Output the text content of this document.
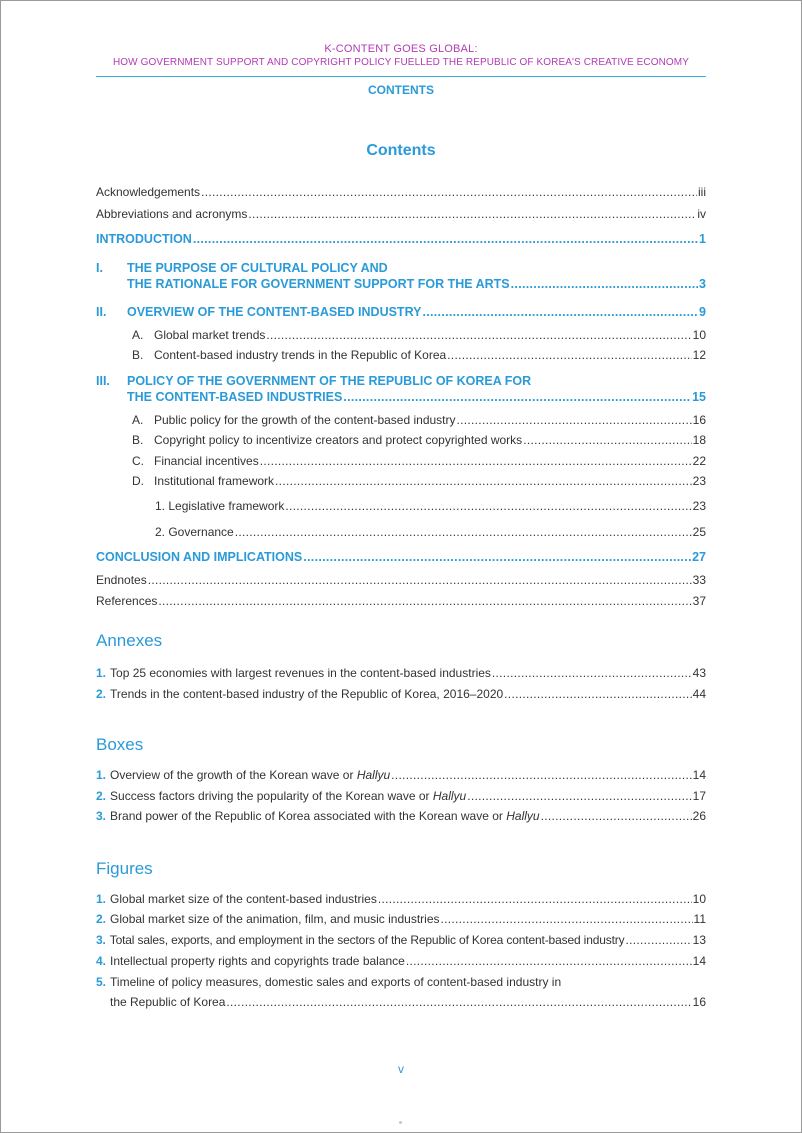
K-CONTENT GOES GLOBAL:
HOW GOVERNMENT SUPPORT AND COPYRIGHT POLICY FUELLED THE REPUBLIC OF KOREA'S CREATIVE ECONOMY
CONTENTS
Contents
Acknowledgements .....	iii
Abbreviations and acronyms .....	iv
INTRODUCTION .....	1
I. THE PURPOSE OF CULTURAL POLICY AND
THE RATIONALE FOR GOVERNMENT SUPPORT FOR THE ARTS .....	3
II. OVERVIEW OF THE CONTENT-BASED INDUSTRY .....	9
A. Global market trends .....	10
B. Content-based industry trends in the Republic of Korea .....	12
III. POLICY OF THE GOVERNMENT OF THE REPUBLIC OF KOREA FOR
THE CONTENT-BASED INDUSTRIES .....	15
A. Public policy for the growth of the content-based industry .....	16
B. Copyright policy to incentivize creators and protect copyrighted works .....	18
C. Financial incentives .....	22
D. Institutional framework .....	23
1. Legislative framework .....	23
2. Governance .....	25
CONCLUSION AND IMPLICATIONS .....	27
Endnotes .....	33
References .....	37
Annexes
1. Top 25 economies with largest revenues in the content-based industries .....	43
2. Trends in the content-based industry of the Republic of Korea, 2016–2020 .....	44
Boxes
1. Overview of the growth of the Korean wave or Hallyu .....	14
2. Success factors driving the popularity of the Korean wave or Hallyu .....	17
3. Brand power of the Republic of Korea associated with the Korean wave or Hallyu .....	26
Figures
1. Global market size of the content-based industries .....	10
2. Global market size of the animation, film, and music industries .....	11
3. Total sales, exports, and employment in the sectors of the Republic of Korea content-based industry .....	13
4. Intellectual property rights and copyrights trade balance .....	14
5. Timeline of policy measures, domestic sales and exports of content-based industry in
the Republic of Korea .....	16
v
